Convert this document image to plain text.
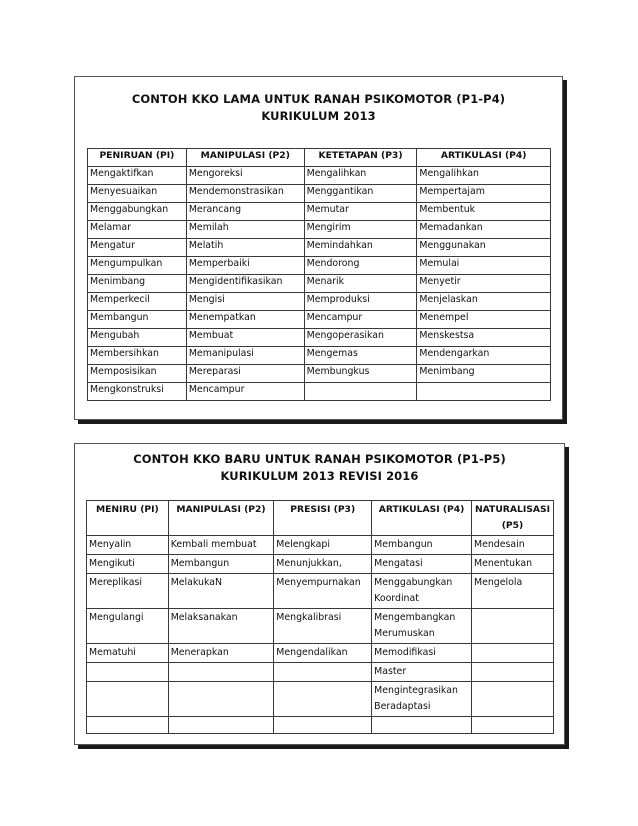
CONTOH KKO LAMA UNTUK RANAH PSIKOMOTOR (P1-P4)
KURIKULUM 2013
PENIRUAN (PI)	MANIPULASI (P2)	KETETAPAN (P3)	ARTIKULASI (P4)
Mengaktifkan	Mengoreksi	Mengalihkan	Mengalihkan
Menyesuaikan	Mendemonstrasikan	Menggantikan	Mempertajam
Menggabungkan	Merancang	Memutar	Membentuk
Melamar	Memilah	Mengirim	Memadankan
Mengatur	Melatih	Memindahkan	Menggunakan
Mengumpulkan	Memperbaiki	Mendorong	Memulai
Menimbang	Mengidentifikasikan	Menarik	Menyetir
Memperkecil	Mengisi	Memproduksi	Menjelaskan
Membangun	Menempatkan	Mencampur	Menempel
Mengubah	Membuat	Mengoperasikan	Menskestsa
Membersihkan	Memanipulasi	Mengemas	Mendengarkan
Memposisikan	Mereparasi	Membungkus	Menimbang
Mengkonstruksi	Mencampur		
CONTOH KKO BARU UNTUK RANAH PSIKOMOTOR (P1-P5)
KURIKULUM 2013 REVISI 2016
MENIRU (PI)	MANIPULASI (P2)	PRESISI (P3)	ARTIKULASI (P4)	NATURALISASI (P5)
Menyalin	Kembali membuat	Melengkapi	Membangun	Mendesain
Mengikuti	Membangun	Menunjukkan,	Mengatasi	Menentukan
Mereplikasi	MelakukaN	Menyempurnakan	Menggabungkan Koordinat	Mengelola
Mengulangi	Melaksanakan	Mengkalibrasi	Mengembangkan Merumuskan	
Mematuhi	Menerapkan	Mengendalikan	Memodifikasi	
			Master	
			Mengintegrasikan Beradaptasi	
